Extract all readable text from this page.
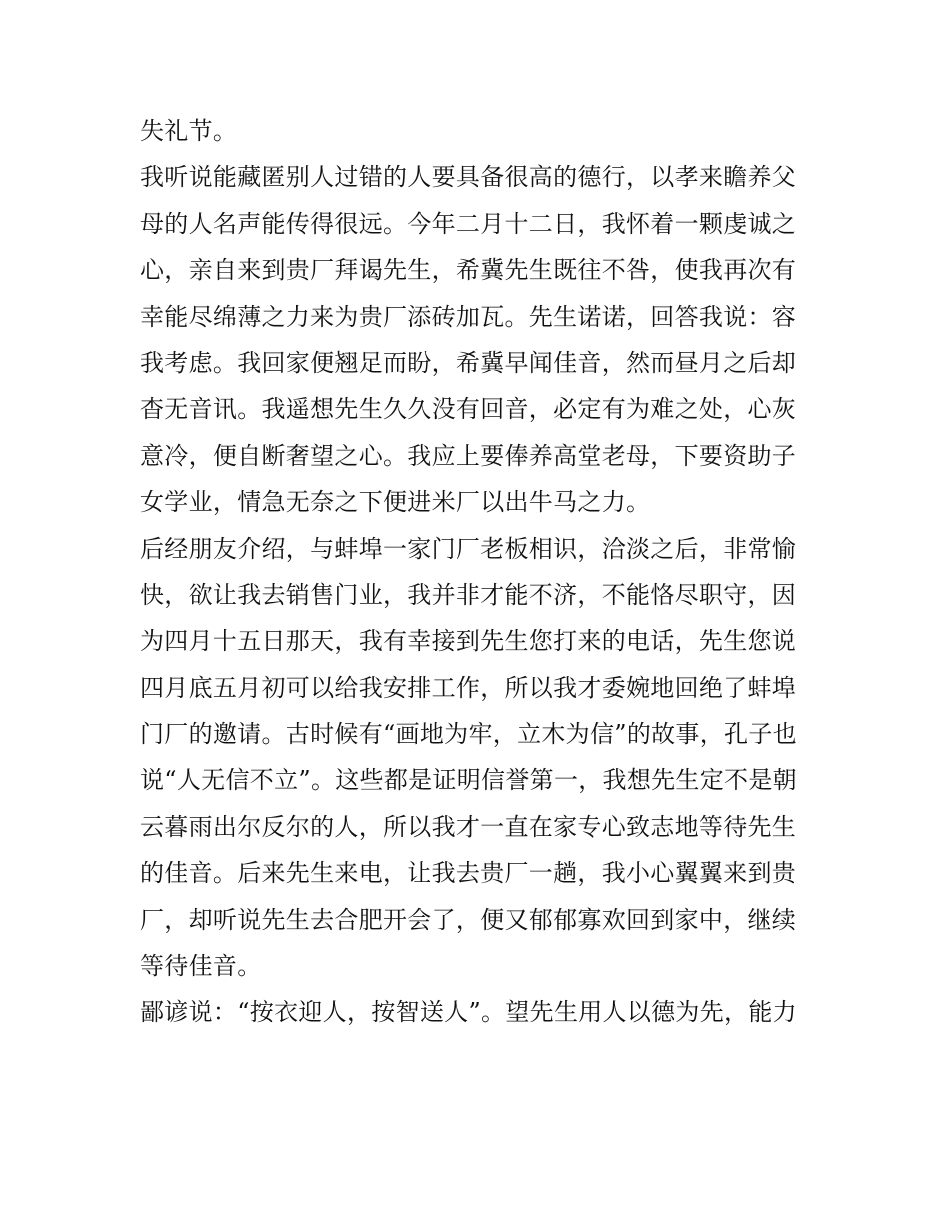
失礼节。
我听说能藏匿别人过错的人要具备很高的德行，以孝来瞻养父
母的人名声能传得很远。今年二月十二日，我怀着一颗虔诚之
心，亲自来到贵厂拜谒先生，希冀先生既往不咎，使我再次有
幸能尽绵薄之力来为贵厂添砖加瓦。先生诺诺，回答我说：容
我考虑。我回家便翘足而盼，希冀早闻佳音，然而昼月之后却
杳无音讯。我遥想先生久久没有回音，必定有为难之处，心灰
意冷，便自断奢望之心。我应上要俸养高堂老母，下要资助子
女学业，情急无奈之下便进米厂以出牛马之力。
后经朋友介绍，与蚌埠一家门厂老板相识，洽淡之后，非常愉
快，欲让我去销售门业，我并非才能不济，不能恪尽职守，因
为四月十五日那天，我有幸接到先生您打来的电话，先生您说
四月底五月初可以给我安排工作，所以我才委婉地回绝了蚌埠
门厂的邀请。古时候有“画地为牢，立木为信”的故事，孔子也
说“人无信不立”。这些都是证明信誉第一，我想先生定不是朝
云暮雨出尔反尔的人，所以我才一直在家专心致志地等待先生
的佳音。后来先生来电，让我去贵厂一趟，我小心翼翼来到贵
厂，却听说先生去合肥开会了，便又郁郁寡欢回到家中，继续
等待佳音。
鄙谚说：“按衣迎人，按智送人”。望先生用人以德为先，能力
